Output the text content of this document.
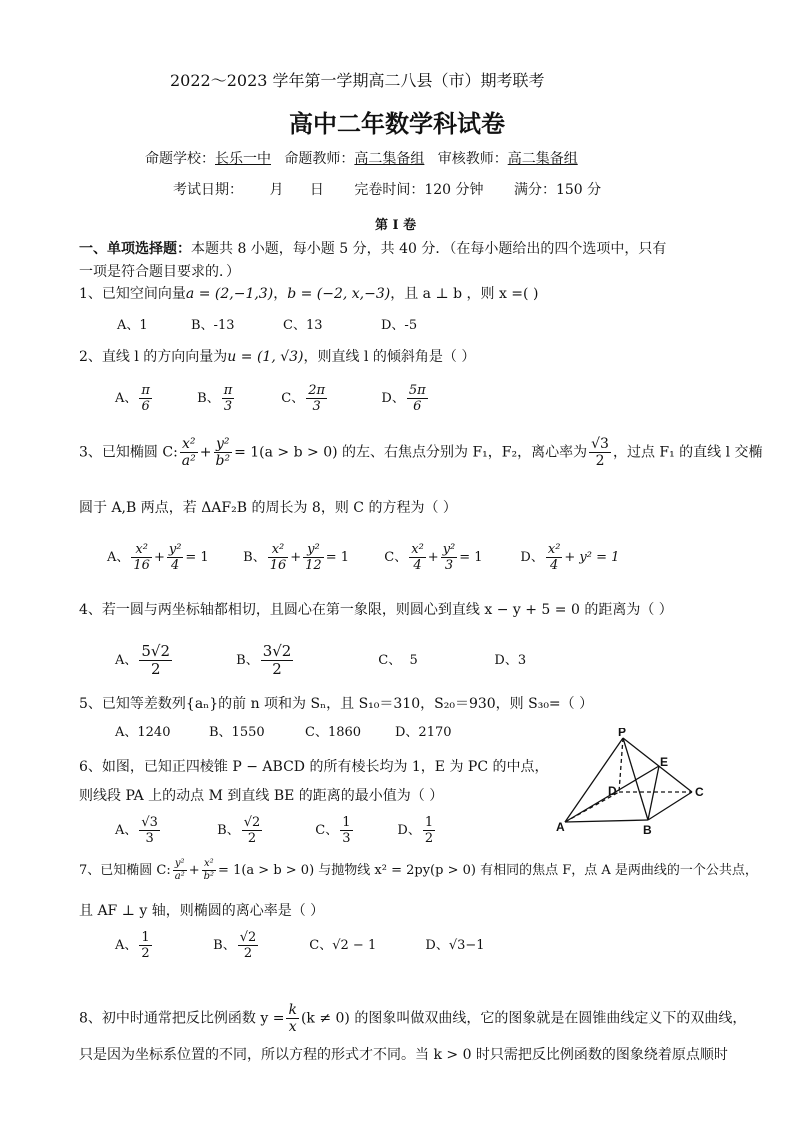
2022～2023 学年第一学期高二八县（市）期考联考
高中二年数学科试卷
命题学校：长乐一中 命题教师：高二集备组 审核教师：高二集备组
考试日期： 月 日 完卷时间：120 分钟 满分：150 分
第 I 卷
一、单项选择题：本题共 8 小题，每小题 5 分，共 40 分．（在每小题给出的四个选项中，只有
一项是符合题目要求的．）
1、已知空间向量a = (2,−1,3)，b = (−2, x,−3)，且 a ⊥ b ，则 x =( )
A、1	B、-13	C、13	D、-5
2、直线 l 的方向向量为u = (1, √3)，则直线 l 的倾斜角是（ ）
A、 $\frac{\pi}{6}$	B、 $\frac{\pi}{3}$	C、 $\frac{2\pi}{3}$	D、 $\frac{5\pi}{6}$
3、已知椭圆 C: $\frac{\text{x²}}{\text{a²}} + \frac{\text{y²}}{\text{b²}} = 1(a > b > 0)$ 的左、右焦点分别为 F₁，F₂，离心率为 $\frac{√3}{2}$ ，过点 F₁ 的直线 l 交椭
圆于 A,B 两点，若 ΔAF₂B 的周长为 8，则 C 的方程为（ ）
A、 $\frac{\text{x²}}{16} + \frac{\text{y²}}{4} = 1$	B、 $\frac{\text{x²}}{16} + \frac{\text{y²}}{12} = 1$	C、 $\frac{\text{x²}}{4} + \frac{\text{y²}}{3} = 1$	D、 $\frac{\text{x²}}{4} + y^2 = 1$
4、若一圆与两坐标轴都相切，且圆心在第一象限，则圆心到直线 x − y + 5 = 0 的距离为（ ）
A、 $\frac{5√2}{2}$	B、 $\frac{3√2}{2}$	C、 5	D、3
5、已知等差数列{aₙ}的前 n 项和为 Sₙ，且 S₁₀＝310，S₂₀＝930，则 S₃₀=（ ）
A、1240	B、1550	C、1860	D、2170
6、如图，已知正四棱锥 P − ABCD 的所有棱长均为 1，E 为 PC 的中点，
则线段 PA 上的动点 M 到直线 BE 的距离的最小值为（ ）
A、 $\frac{√3}{3}$	B、 $\frac{√2}{2}$	C、 $\frac{1}{3}$	D、 $\frac{1}{2}$
P
E
D	C
A	B
7、已知椭圆 C: $\frac{\text{y²}}{\text{a²}} + \frac{\text{x²}}{\text{b²}} = 1(a > b > 0)$ 与抛物线 x² = 2py(p > 0) 有相同的焦点 F，点 A 是两曲线的一个公共点，
且 AF ⊥ y 轴，则椭圆的离心率是（ ）
A、 $\frac{1}{2}$	B、 $\frac{√2}{2}$	C、√2 − 1	D、√3−1
8、初中时通常把反比例函数 $y = \frac{k}{x} (k \ne 0)$ 的图象叫做双曲线，它的图象就是在圆锥曲线定义下的双曲线，
只是因为坐标系位置的不同，所以方程的形式才不同。当 k > 0 时只需把反比例函数的图象绕着原点顺时
